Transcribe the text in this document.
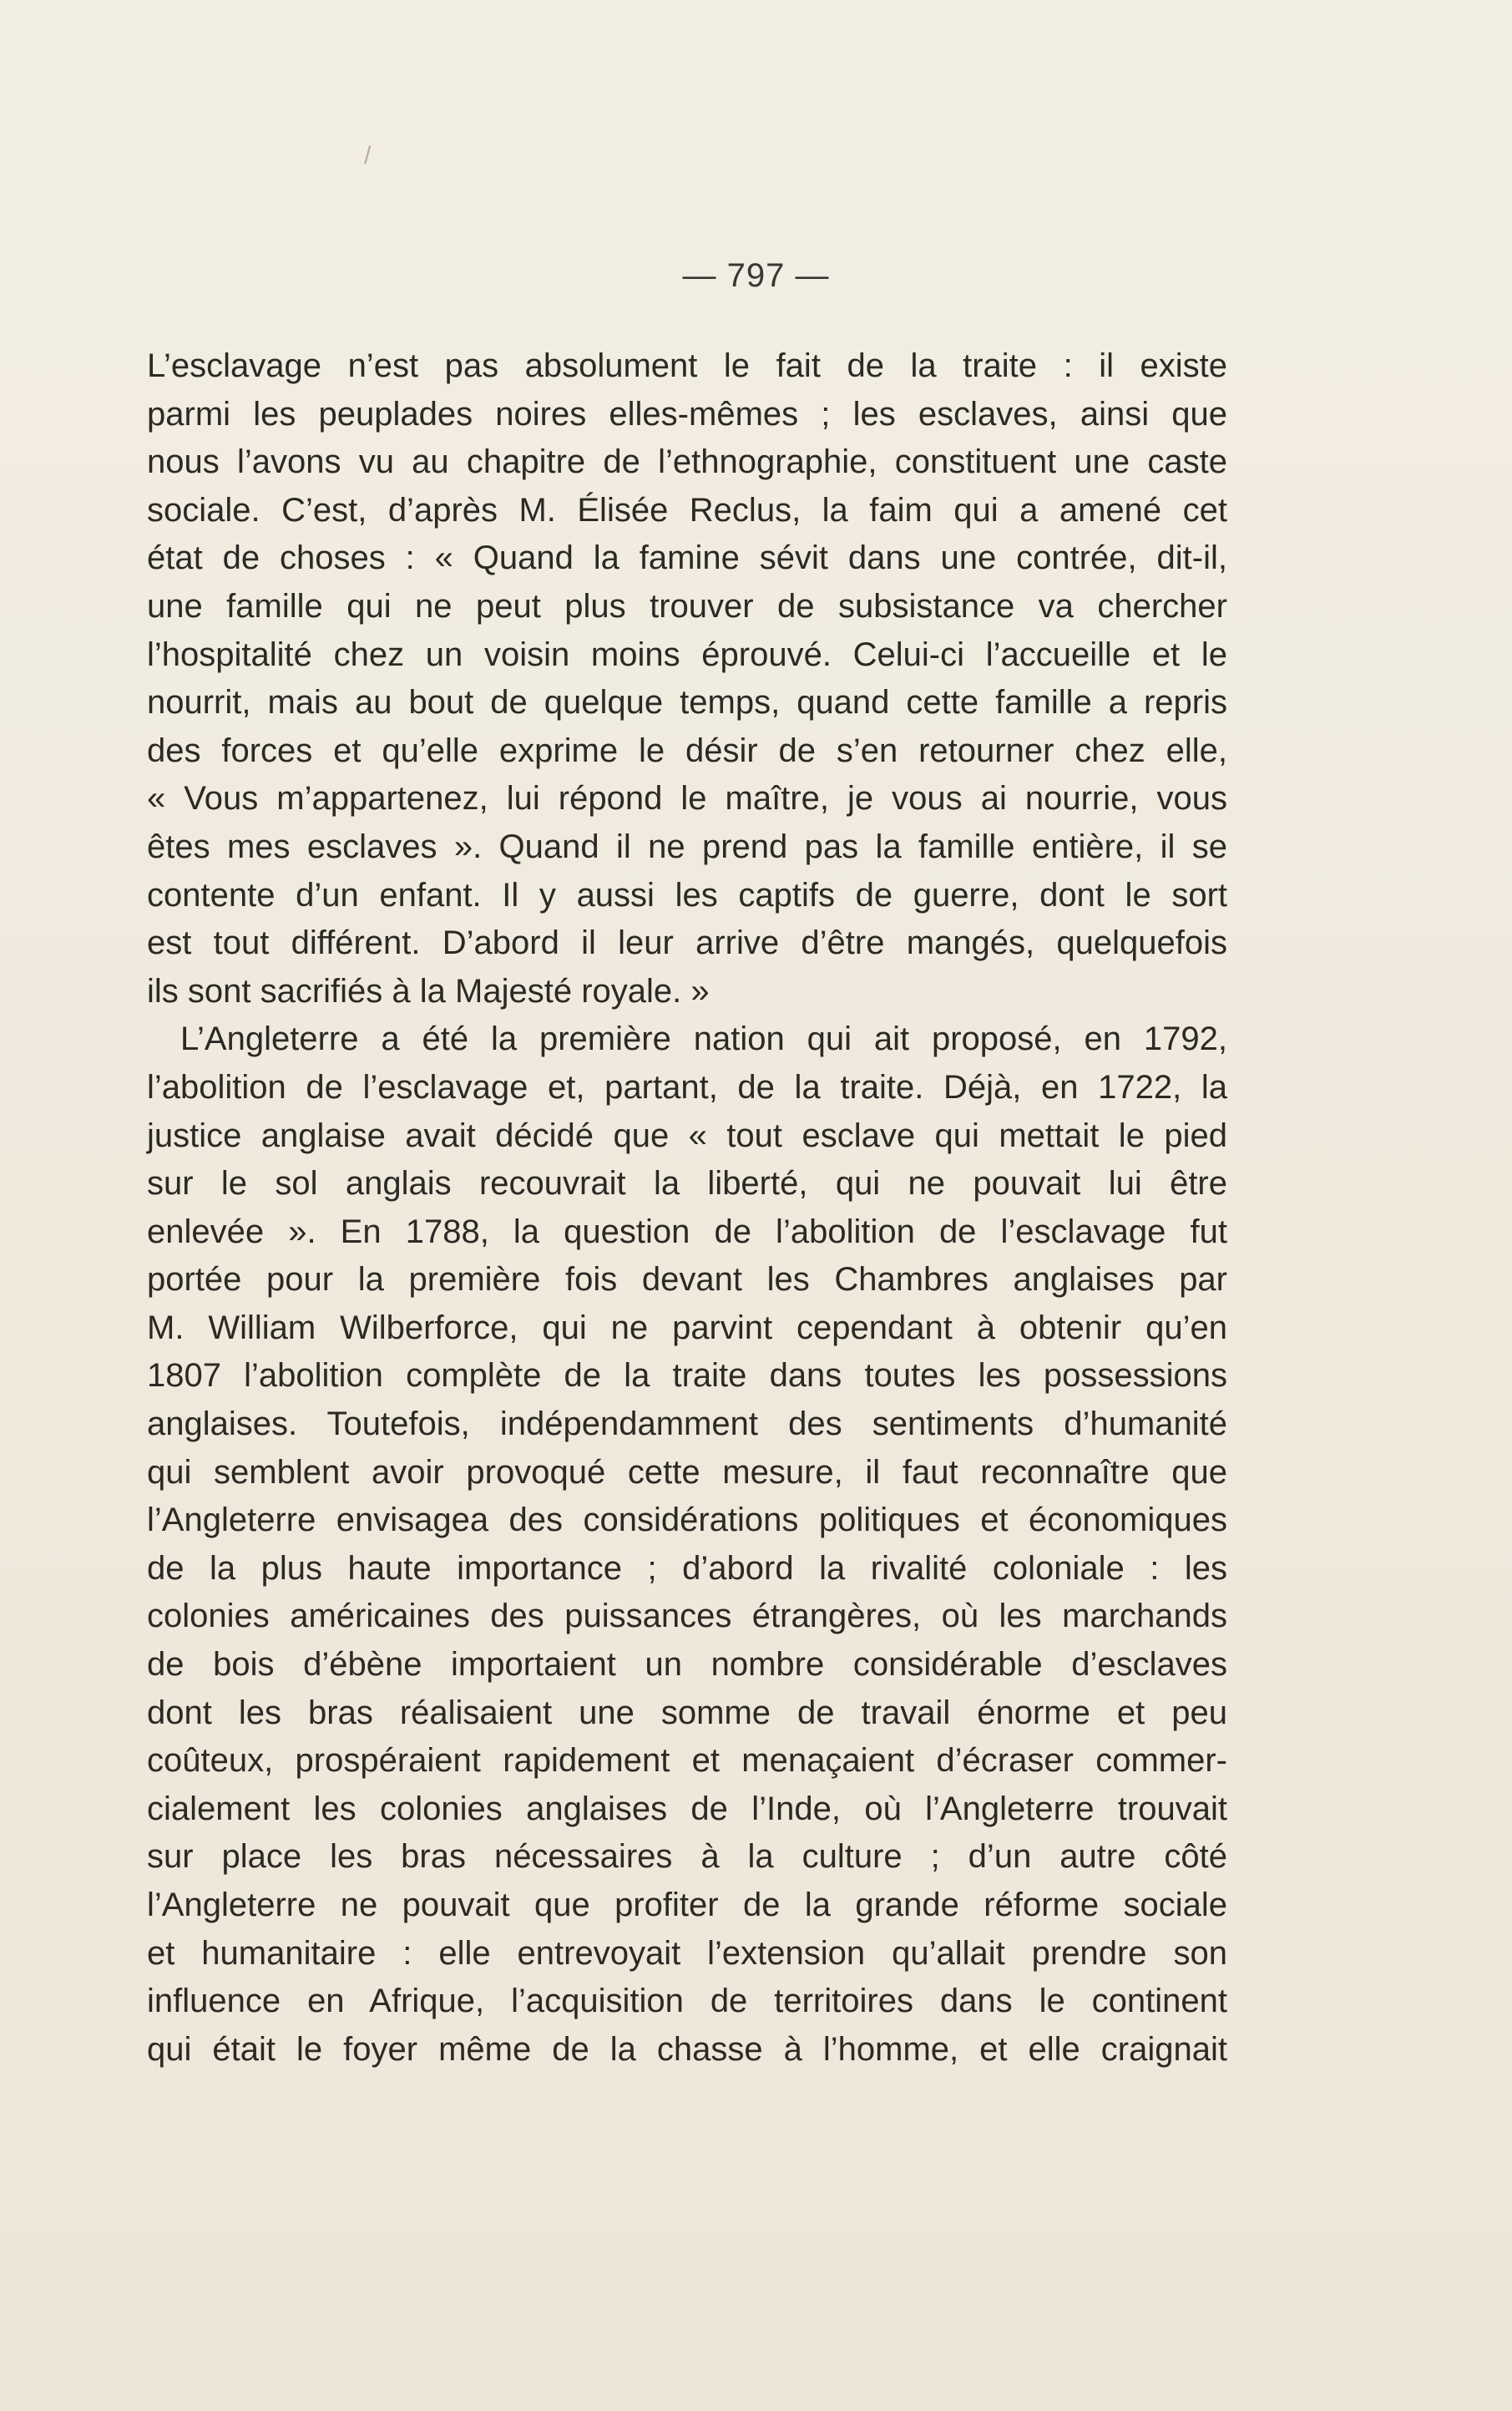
/
— 797 —
L’esclavage n’est pas absolument le fait de la traite : il existe
parmi les peuplades noires elles-mêmes ; les esclaves, ainsi que
nous l’avons vu au chapitre de l’ethnographie, constituent une caste
sociale. C’est, d’après M. Élisée Reclus, la faim qui a amené cet
état de choses : « Quand la famine sévit dans une contrée, dit-il,
une famille qui ne peut plus trouver de subsistance va chercher
l’hospitalité chez un voisin moins éprouvé. Celui-ci l’accueille et le
nourrit, mais au bout de quelque temps, quand cette famille a repris
des forces et qu’elle exprime le désir de s’en retourner chez elle,
« Vous m’appartenez, lui répond le maître, je vous ai nourrie, vous
êtes mes esclaves ». Quand il ne prend pas la famille entière, il se
contente d’un enfant. Il y aussi les captifs de guerre, dont le sort
est tout différent. D’abord il leur arrive d’être mangés, quelquefois
ils sont sacrifiés à la Majesté royale. »
L’Angleterre a été la première nation qui ait proposé, en 1792,
l’abolition de l’esclavage et, partant, de la traite. Déjà, en 1722, la
justice anglaise avait décidé que « tout esclave qui mettait le pied
sur le sol anglais recouvrait la liberté, qui ne pouvait lui être
enlevée ». En 1788, la question de l’abolition de l’esclavage fut
portée pour la première fois devant les Chambres anglaises par
M. William Wilberforce, qui ne parvint cependant à obtenir qu’en
1807 l’abolition complète de la traite dans toutes les possessions
anglaises. Toutefois, indépendamment des sentiments d’humanité
qui semblent avoir provoqué cette mesure, il faut reconnaître que
l’Angleterre envisagea des considérations politiques et économiques
de la plus haute importance ; d’abord la rivalité coloniale : les
colonies américaines des puissances étrangères, où les marchands
de bois d’ébène importaient un nombre considérable d’esclaves
dont les bras réalisaient une somme de travail énorme et peu
coûteux, prospéraient rapidement et menaçaient d’écraser commer-
cialement les colonies anglaises de l’Inde, où l’Angleterre trouvait
sur place les bras nécessaires à la culture ; d’un autre côté
l’Angleterre ne pouvait que profiter de la grande réforme sociale
et humanitaire : elle entrevoyait l’extension qu’allait prendre son
influence en Afrique, l’acquisition de territoires dans le continent
qui était le foyer même de la chasse à l’homme, et elle craignait
